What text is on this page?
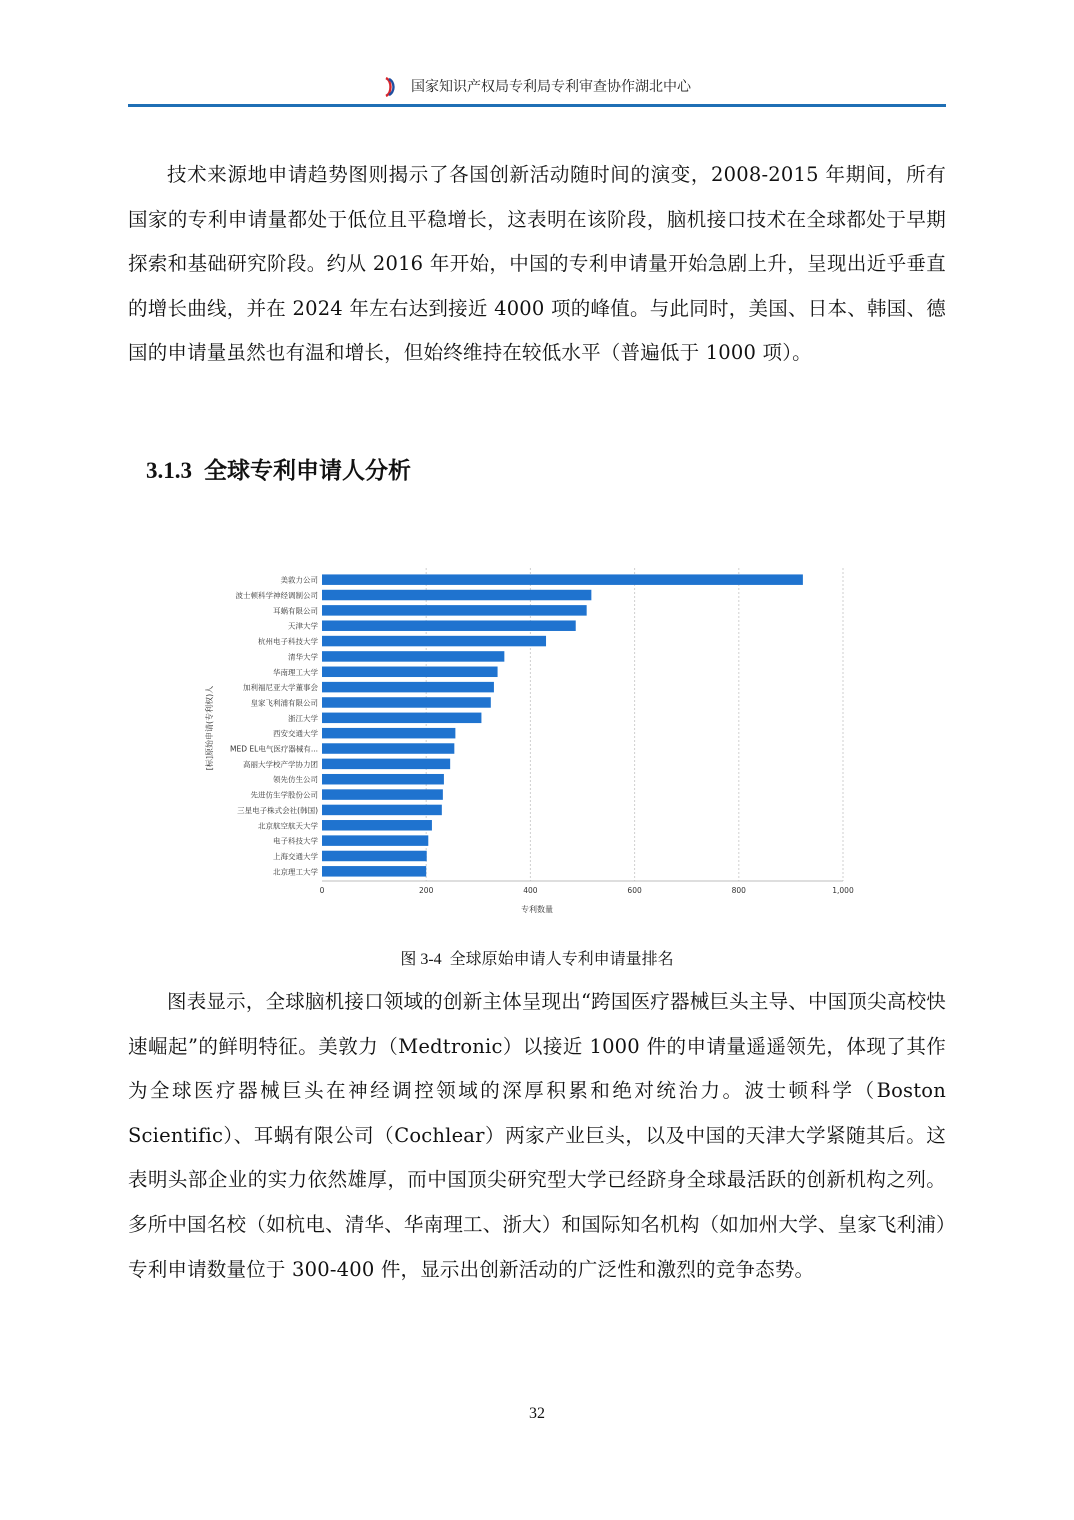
国家知识产权局专利局专利审查协作湖北中心

技术来源地申请趋势图则揭示了各国创新活动随时间的演变，2008-2015 年期间，所有国家的专利申请量都处于低位且平稳增长，这表明在该阶段，脑机接口技术在全球都处于早期探索和基础研究阶段。约从 2016 年开始，中国的专利申请量开始急剧上升，呈现出近乎垂直的增长曲线，并在 2024 年左右达到接近 4000 项的峰值。与此同时，美国、日本、韩国、德国的申请量虽然也有温和增长，但始终维持在较低水平（普遍低于 1000 项）。

3.1.3 全球专利申请人分析
美敦力公司
波士顿科学神经调制公司
耳蜗有限公司
天津大学
杭州电子科技大学
清华大学
华南理工大学
加利福尼亚大学董事会
皇家飞利浦有限公司
浙江大学
西安交通大学
MED EL电气医疗器械有...
高丽大学校产学协力团
领先仿生公司
先进仿生学股份公司
三星电子株式会社(韩国)
北京航空航天大学
电子科技大学
上海交通大学
北京理工大学
0	200	400	600	800	1,000
专利数量
[标]原始申请(专利权)人
图 3-4 全球原始申请人专利申请量排名

图表显示，全球脑机接口领域的创新主体呈现出“跨国医疗器械巨头主导、中国顶尖高校快速崛起”的鲜明特征。美敦力（Medtronic）以接近 1000 件的申请量遥遥领先，体现了其作为全球医疗器械巨头在神经调控领域的深厚积累和绝对统治力。波士顿科学（Boston Scientific）、耳蜗有限公司（Cochlear）两家产业巨头，以及中国的天津大学紧随其后。这表明头部企业的实力依然雄厚，而中国顶尖研究型大学已经跻身全球最活跃的创新机构之列。多所中国名校（如杭电、清华、华南理工、浙大）和国际知名机构（如加州大学、皇家飞利浦）专利申请数量位于 300-400 件，显示出创新活动的广泛性和激烈的竞争态势。

32
